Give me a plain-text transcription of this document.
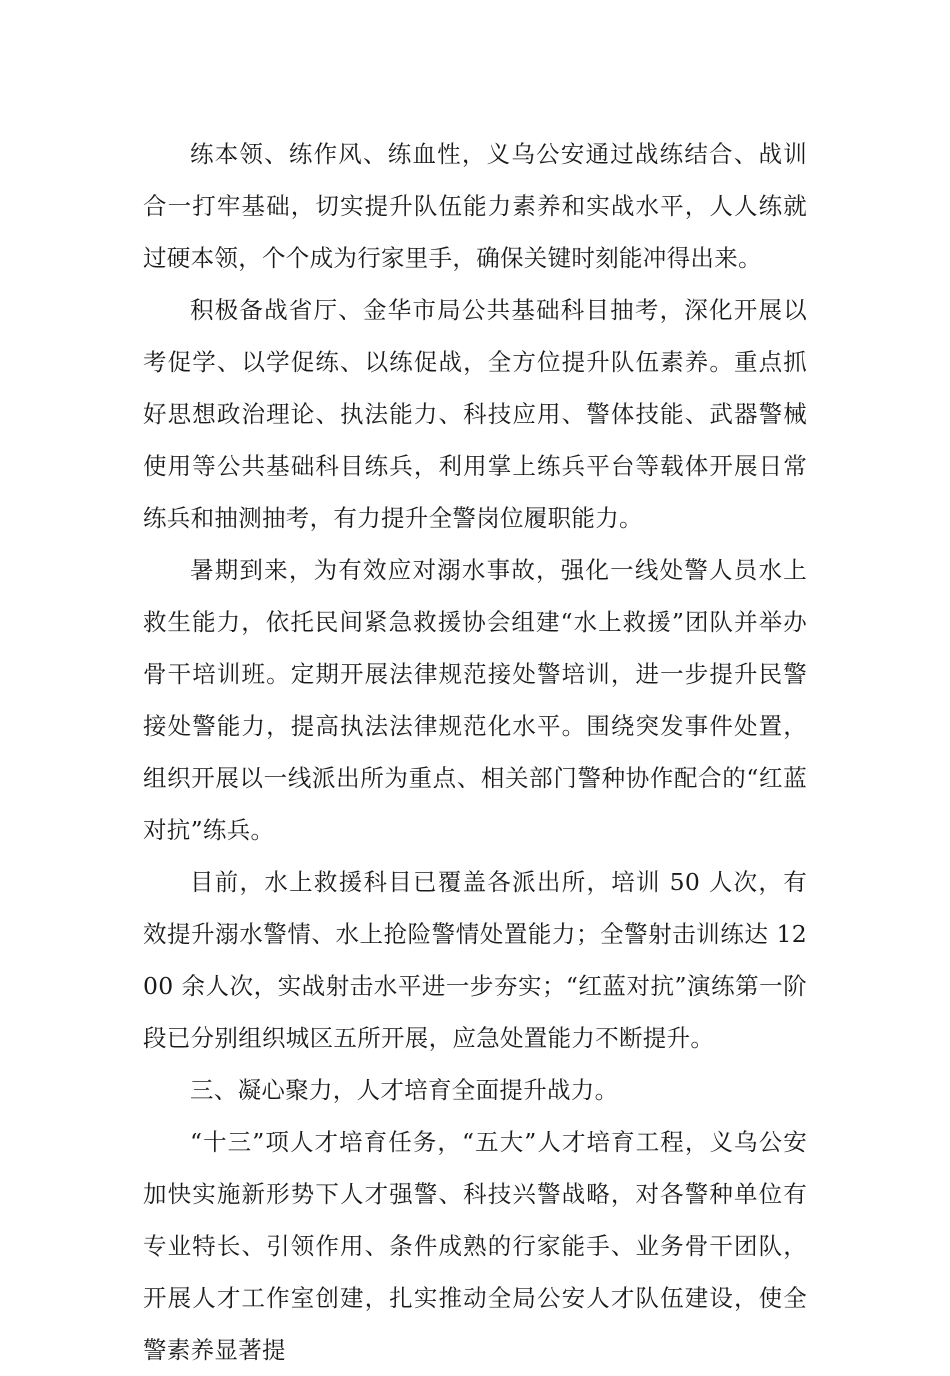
练本领、练作风、练血性，义乌公安通过战练结合、战训合一打牢基础，切实提升队伍能力素养和实战水平，人人练就过硬本领，个个成为行家里手，确保关键时刻能冲得出来。

积极备战省厅、金华市局公共基础科目抽考，深化开展以考促学、以学促练、以练促战，全方位提升队伍素养。重点抓好思想政治理论、执法能力、科技应用、警体技能、武器警械使用等公共基础科目练兵，利用掌上练兵平台等载体开展日常练兵和抽测抽考，有力提升全警岗位履职能力。

暑期到来，为有效应对溺水事故，强化一线处警人员水上救生能力，依托民间紧急救援协会组建“水上救援”团队并举办骨干培训班。定期开展法律规范接处警培训，进一步提升民警接处警能力，提高执法法律规范化水平。围绕突发事件处置，组织开展以一线派出所为重点、相关部门警种协作配合的“红蓝对抗”练兵。

目前，水上救援科目已覆盖各派出所，培训 50 人次，有效提升溺水警情、水上抢险警情处置能力；全警射击训练达 1200 余人次，实战射击水平进一步夯实；“红蓝对抗”演练第一阶段已分别组织城区五所开展，应急处置能力不断提升。

三、凝心聚力，人才培育全面提升战力。

“十三”项人才培育任务，“五大”人才培育工程，义乌公安加快实施新形势下人才强警、科技兴警战略，对各警种单位有专业特长、引领作用、条件成熟的行家能手、业务骨干团队，开展人才工作室创建，扎实推动全局公安人才队伍建设，使全警素养显著提
